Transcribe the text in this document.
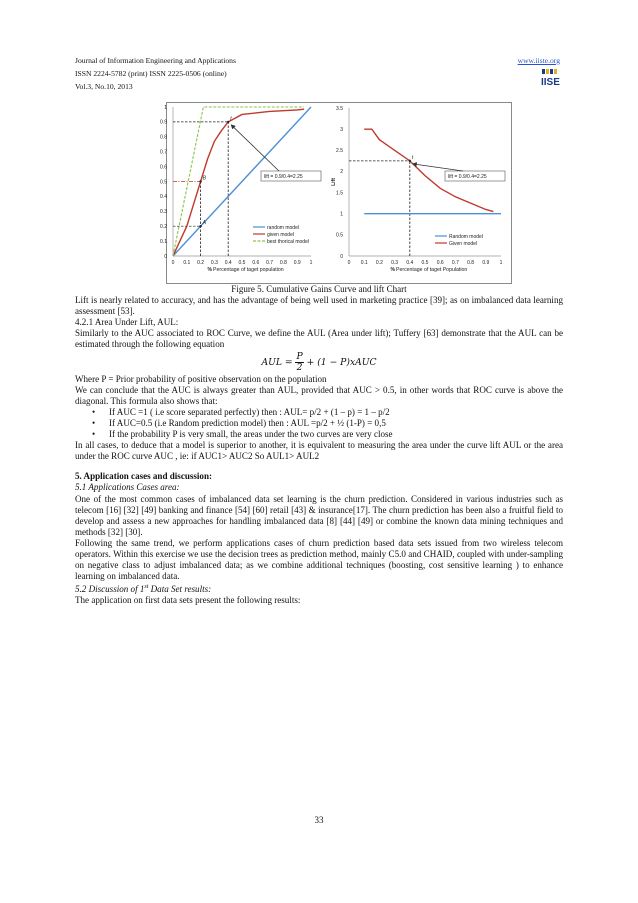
Journal of Information Engineering and Applications
ISSN 2224-5782 (print) ISSN 2225-0506 (online)
Vol.3, No.10, 2013
www.iiste.org
IISE
0
0.1
0.2
0.3
0.4
0.5
0.6
0.7
0.8
0.9
1
0 0.1 0.2 0.3 0.4 0.5 0.6 0.7 0.8 0.9 1
A
B
t
lift = 0.9/0.4=2.25
random model
given model
best thorical model
% Percentage of taget population
0
0.5
1
1.5
2
2.5
3
3.5
0 0.1 0.2 0.3 0.4 0.5 0.6 0.7 0.8 0.9 1
t
lift = 0.9/0.4=2.25
Random model
Given model
Lift
% Percentage of taget Population

Figure 5. Cumulative Gains Curve and lift Chart

Lift is nearly related to accuracy, and has the advantage of being well used in marketing practice [39]; as on imbalanced data learning assessment [53].

4.2.1 Area Under Lift, AUL:

Similarly to the AUC associated to ROC Curve, we define the AUL (Area under lift); Tuffery [63] demonstrate that the AUL can be estimated through the following equation

AUL = $\frac{P}{2} + (1$ − P)xAUC

Where P = Prior probability of positive observation on the population

We can conclude that the AUC is always greater than AUL, provided that AUC > 0.5, in other words that ROC curve is above the diagonal. This formula also shows that:

• If AUC =1 ( i.e score separated perfectly) then : AUL= p/2 + (1 – p) = 1 – p/2
• If AUC=0.5 (i.e Random prediction model) then : AUL =p/2 + ½ (1-P) = 0,5
• If the probability P is very small, the areas under the two curves are very close

In all cases, to deduce that a model is superior to another, it is equivalent to measuring the area under the curve lift AUL or the area under the ROC curve AUC , ie: if AUC1> AUC2 So AUL1> AUL2

5. Application cases and discussion:

5.1 Applications Cases area:

One of the most common cases of imbalanced data set learning is the churn prediction. Considered in various industries such as telecom [16] [32] [49] banking and finance [54] [60] retail [43] & insurance[17]. The churn prediction has been also a fruitful field to develop and assess a new approaches for handling imbalanced data [8] [44] [49] or combine the known data mining techniques and methods [32] [30].

Following the same trend, we perform applications cases of churn prediction based data sets issued from two wireless telecom operators. Within this exercise we use the decision trees as prediction method, mainly C5.0 and CHAID, coupled with under-sampling on negative class to adjust imbalanced data; as we combine additional techniques (boosting, cost sensitive learning ) to enhance learning on imbalanced data.

5.2 Discussion of 1st Data Set results:

The application on first data sets present the following results:

33
